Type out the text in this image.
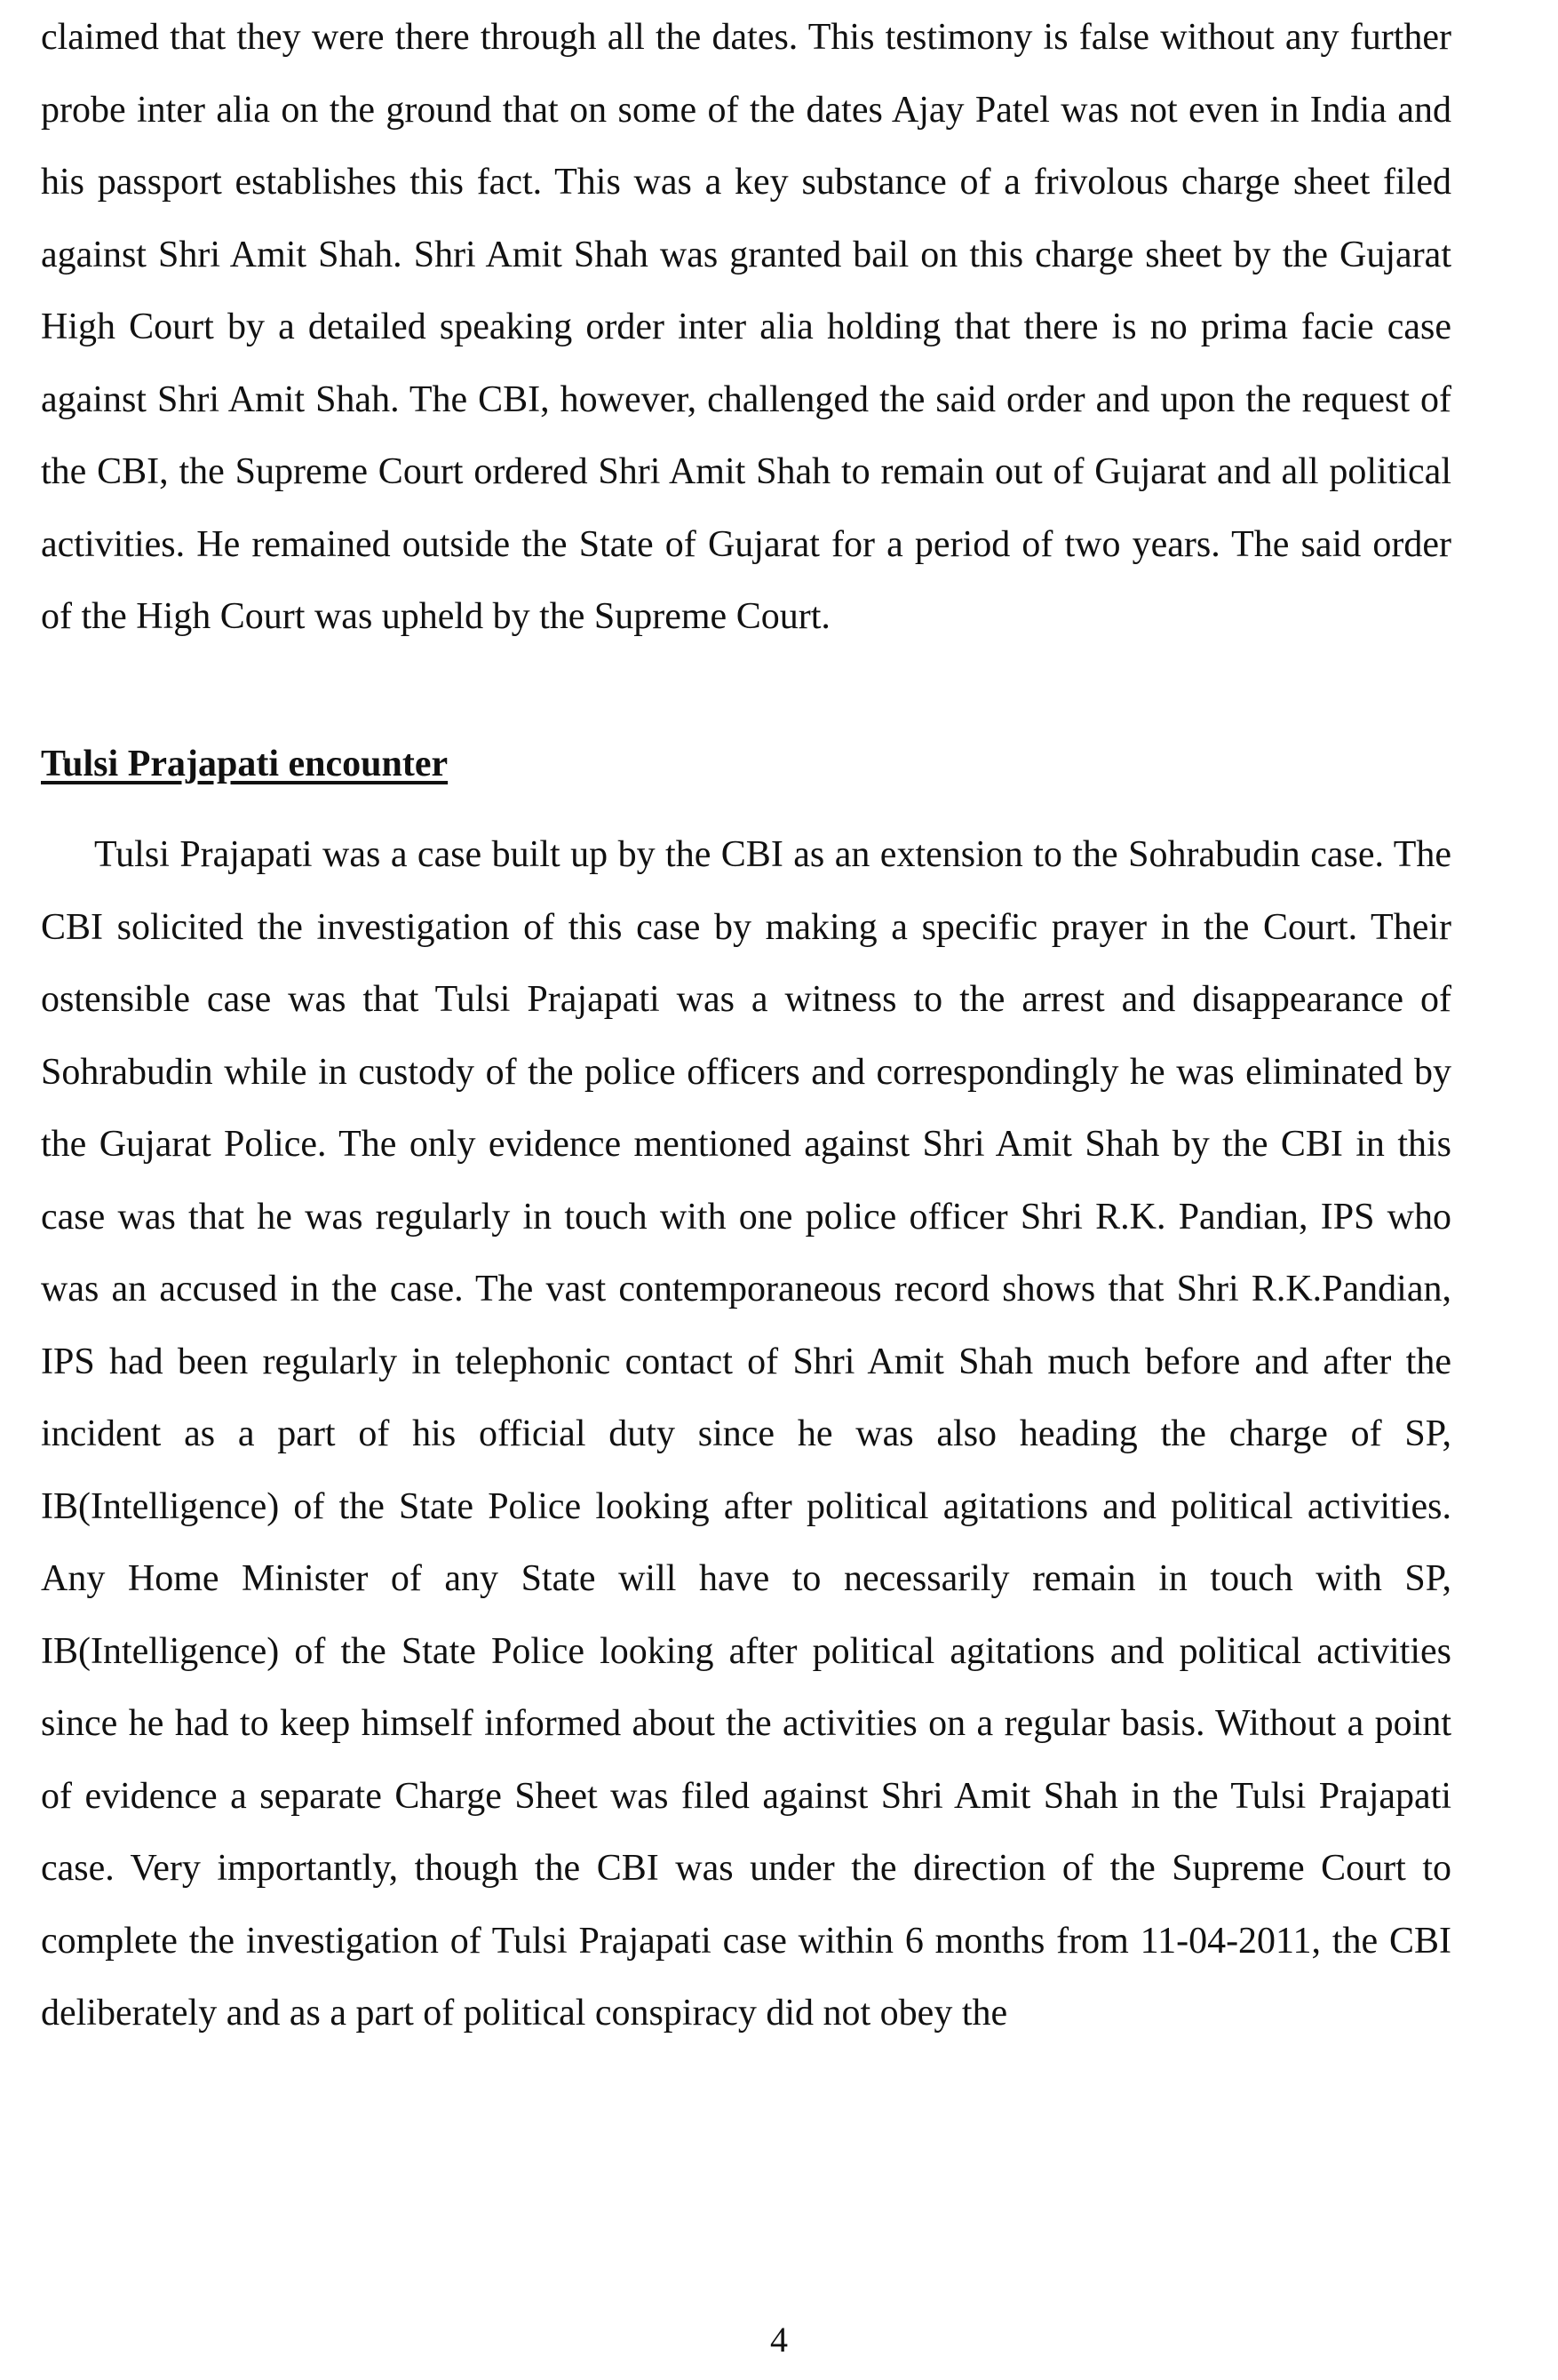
claimed that they were there through all the dates. This testimony is false without any further probe inter alia on the ground that on some of the dates Ajay Patel was not even in India and his passport establishes this fact. This was a key substance of a frivolous charge sheet filed against Shri Amit Shah. Shri Amit Shah was granted bail on this charge sheet by the Gujarat High Court by a detailed speaking order inter alia holding that there is no prima facie case against Shri Amit Shah. The CBI, however, challenged the said order and upon the request of the CBI, the Supreme Court ordered Shri Amit Shah to remain out of Gujarat and all political activities. He remained outside the State of Gujarat for a period of two years. The said order of the High Court was upheld by the Supreme Court.

Tulsi Prajapati encounter

Tulsi Prajapati was a case built up by the CBI as an extension to the Sohrabudin case. The CBI solicited the investigation of this case by making a specific prayer in the Court. Their ostensible case was that Tulsi Prajapati was a witness to the arrest and disappearance of Sohrabudin while in custody of the police officers and correspondingly he was eliminated by the Gujarat Police. The only evidence mentioned against Shri Amit Shah by the CBI in this case was that he was regularly in touch with one police officer Shri R.K. Pandian, IPS who was an accused in the case. The vast contemporaneous record shows that Shri R.K.Pandian, IPS had been regularly in telephonic contact of Shri Amit Shah much before and after the incident as a part of his official duty since he was also heading the charge of SP, IB(Intelligence) of the State Police looking after political agitations and political activities. Any Home Minister of any State will have to necessarily remain in touch with SP, IB(Intelligence) of the State Police looking after political agitations and political activities since he had to keep himself informed about the activities on a regular basis. Without a point of evidence a separate Charge Sheet was filed against Shri Amit Shah in the Tulsi Prajapati case. Very importantly, though the CBI was under the direction of the Supreme Court to complete the investigation of Tulsi Prajapati case within 6 months from 11-04-2011, the CBI deliberately and as a part of political conspiracy did not obey the

4
